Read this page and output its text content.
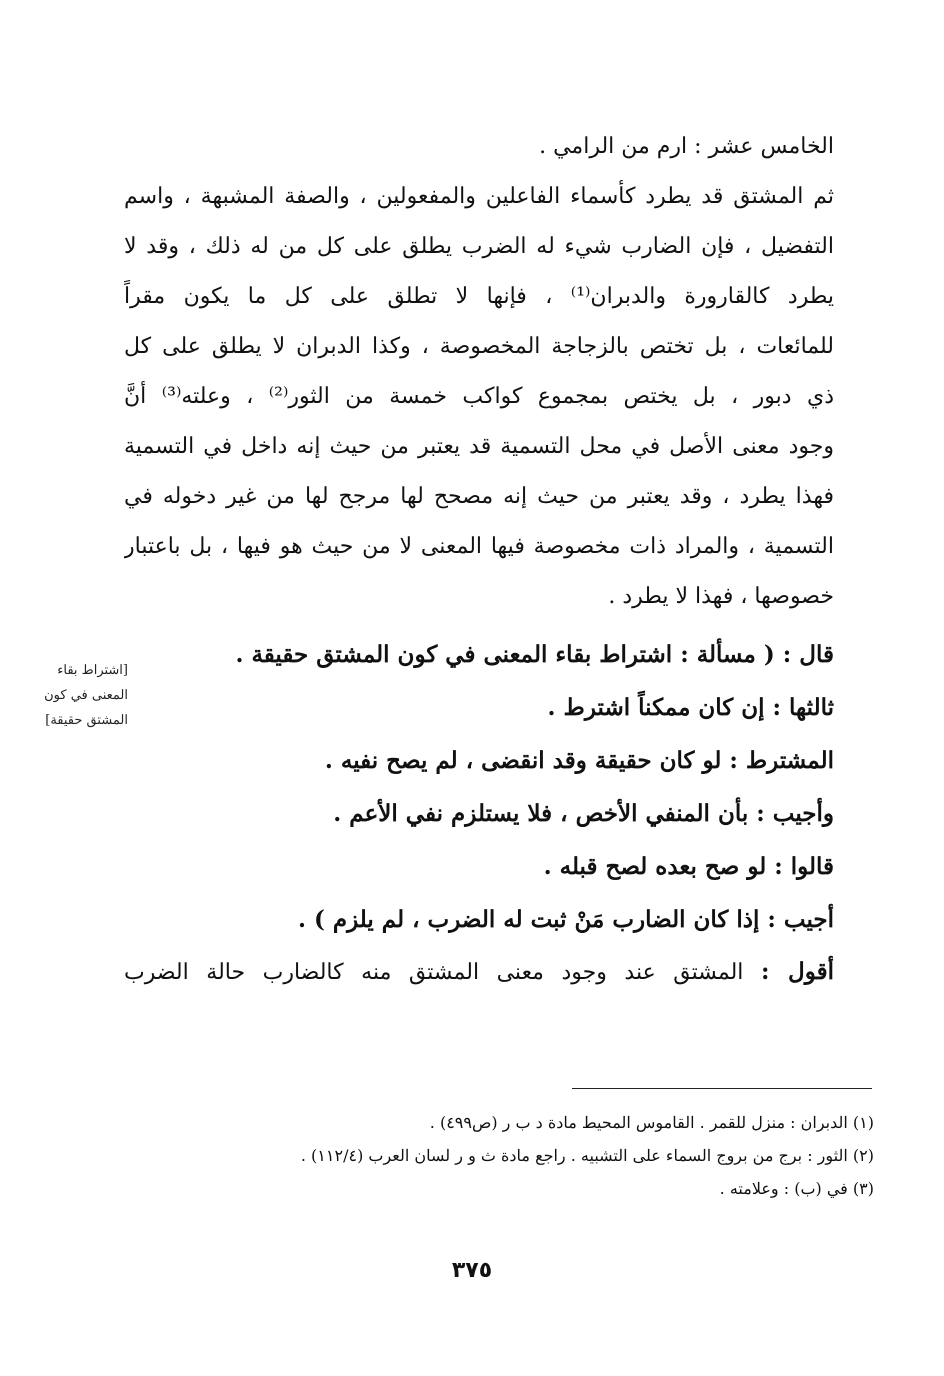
الخامس عشر : ارم من الرامي .
ثم المشتق قد يطرد كأسماء الفاعلين والمفعولين ، والصفة المشبهة ، واسم
التفضيل ، فإن الضارب شيء له الضرب يطلق على كل من له ذلك ، وقد لا
يطرد كالقارورة والدبران⁽¹⁾ ، فإنها لا تطلق على كل ما يكون مقراً
للمائعات ، بل تختص بالزجاجة المخصوصة ، وكذا الدبران لا يطلق على كل
ذي دبور ، بل يختص بمجموع كواكب خمسة من الثور⁽²⁾ ، وعلته⁽³⁾ أنَّ
وجود معنى الأصل في محل التسمية قد يعتبر من حيث إنه داخل في التسمية
فهذا يطرد ، وقد يعتبر من حيث إنه مصحح لها مرجح لها من غير دخوله في
التسمية ، والمراد ذات مخصوصة فيها المعنى لا من حيث هو فيها ، بل باعتبار
خصوصها ، فهذا لا يطرد .
قال : ( مسألة : اشتراط بقاء المعنى في كون المشتق حقيقة .
ثالثها : إن كان ممكناً اشترط .
المشترط : لو كان حقيقة وقد انقضى ، لم يصح نفيه .
وأجيب : بأن المنفي الأخص ، فلا يستلزم نفي الأعم .
قالوا : لو صح بعده لصح قبله .
أجيب : إذا كان الضارب مَنْ ثبت له الضرب ، لم يلزم ) .
أقول : المشتق عند وجود معنى المشتق منه كالضارب حالة الضرب
[اشتراط بقاء
المعنى في كون
المشتق حقيقة]
(١) الدبران : منزل للقمر . القاموس المحيط مادة د ب ر (ص٤٩٩) .
(٢) الثور : برج من بروج السماء على التشبيه . راجع مادة ث و ر لسان العرب (١١٢/٤) .
(٣) في (ب) : وعلامته .
٣٧٥
